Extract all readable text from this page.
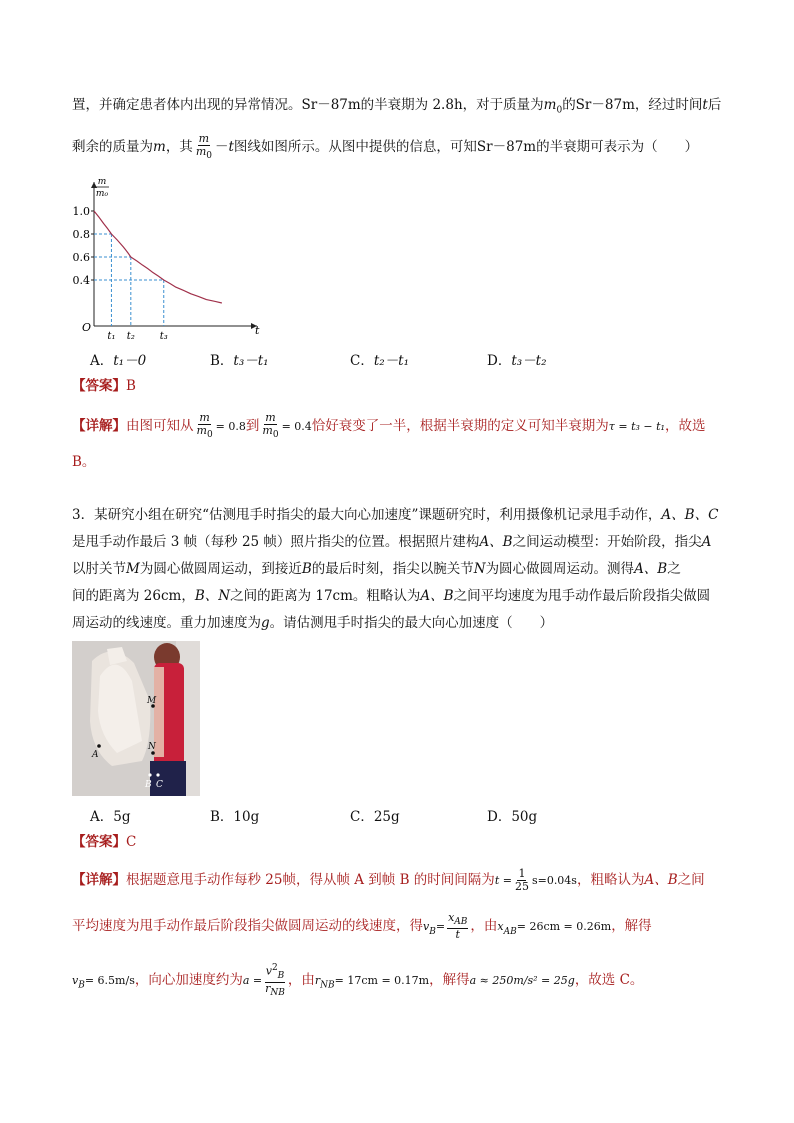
置，并确定患者体内出现的异常情况。Sr－87m的半衰期为 2.8h，对于质量为$m_0$的Sr－87m，经过时间t后
剩余的质量为m，其 $\frac{m}{m_0} -t$图线如图所示。从图中提供的信息，可知Sr－87m的半衰期可表示为（　　）
m
m₀
t
O
1.0
0.8
0.6
0.4
t₁ t₂ t₃
A．t₁－0	B．t₃－t₁	C．t₂－t₁	D．t₃－t₂
【答案】B
【详解】由图可知从 $\frac{m}{m_0} = 0.8$到 $\frac{m}{m_0} = 0.4$恰好衰变了一半，根据半衰期的定义可知半衰期为τ = t₃ − t₁，故选
B。
3．某研究小组在研究“估测甩手时指尖的最大向心加速度”课题研究时，利用摄像机记录甩手动作，A、B、C
是甩手动作最后 3 帧（每秒 25 帧）照片指尖的位置。根据照片建构A、B之间运动模型：开始阶段，指尖A
以肘关节M为圆心做圆周运动，到接近B的最后时刻，指尖以腕关节N为圆心做圆周运动。测得A、B之
间的距离为 26cm，B、N之间的距离为 17cm。粗略认为A、B之间平均速度为甩手动作最后阶段指尖做圆
周运动的线速度。重力加速度为g。请估测甩手时指尖的最大向心加速度（　　）
M
N
A
B C
A．5g	B．10g	C．25g	D．50g
【答案】C
【详解】根据题意甩手动作每秒 25帧，得从帧 A 到帧 B 的时间间隔为$t = \frac{1}{25} s=0.04s$，粗略认为A、B之间
平均速度为甩手动作最后阶段指尖做圆周运动的线速度，得$v_B= \frac{x_{AB}}{t}$ ，由$x_{AB}= 26cm = 0.26m$，解得
$v_B= 6.5m/s$，向心加速度约为$a = \frac{v^2_B}{r_{NB}}$ ，由$r_{NB}= 17cm = 0.17m$，解得a ≈ 250m/s² = 25g，故选 C。
